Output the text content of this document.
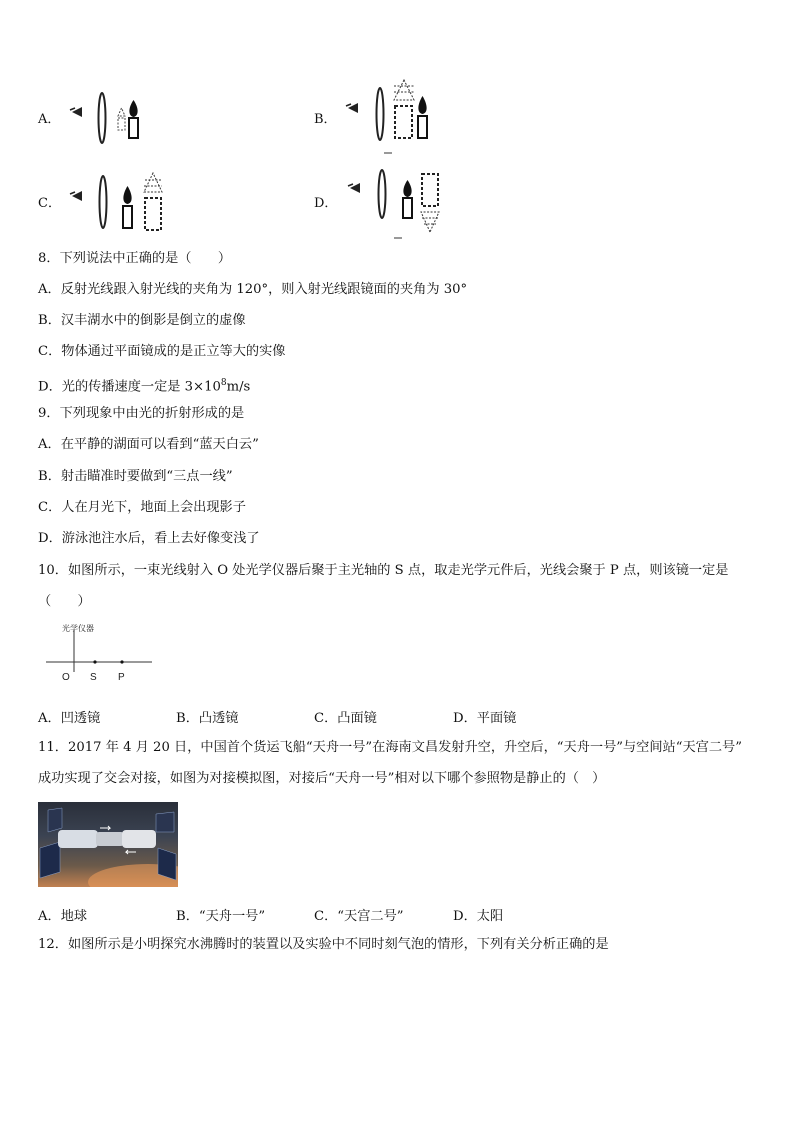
A．	B．
C．	D．
8．下列说法中正确的是（　　）
A．反射光线跟入射光线的夹角为 120°，则入射光线跟镜面的夹角为 30°
B．汉丰湖水中的倒影是倒立的虚像
C．物体通过平面镜成的是正立等大的实像
D．光的传播速度一定是 $3\times 10^8m/s$
9．下列现象中由光的折射形成的是
A．在平静的湖面可以看到“蓝天白云”
B．射击瞄准时要做到“三点一线”
C．人在月光下，地面上会出现影子
D．游泳池注水后，看上去好像变浅了
10．如图所示，一束光线射入 O 处光学仪器后聚于主光轴的 S 点，取走光学元件后，光线会聚于 P 点，则该镜一定是
（　　）
光学仪器
O S P
A．凹透镜	B．凸透镜	C．凸面镜	D．平面镜
11．2017 年 4 月 20 日，中国首个货运飞船“天舟一号”在海南文昌发射升空，升空后，“天舟一号”与空间站“天宫二号”
成功实现了交会对接，如图为对接模拟图，对接后“天舟一号”相对以下哪个参照物是静止的（　）
A．地球	B．“天舟一号”	C．“天宫二号”	D．太阳
12．如图所示是小明探究水沸腾时的装置以及实验中不同时刻气泡的情形，下列有关分析正确的是
